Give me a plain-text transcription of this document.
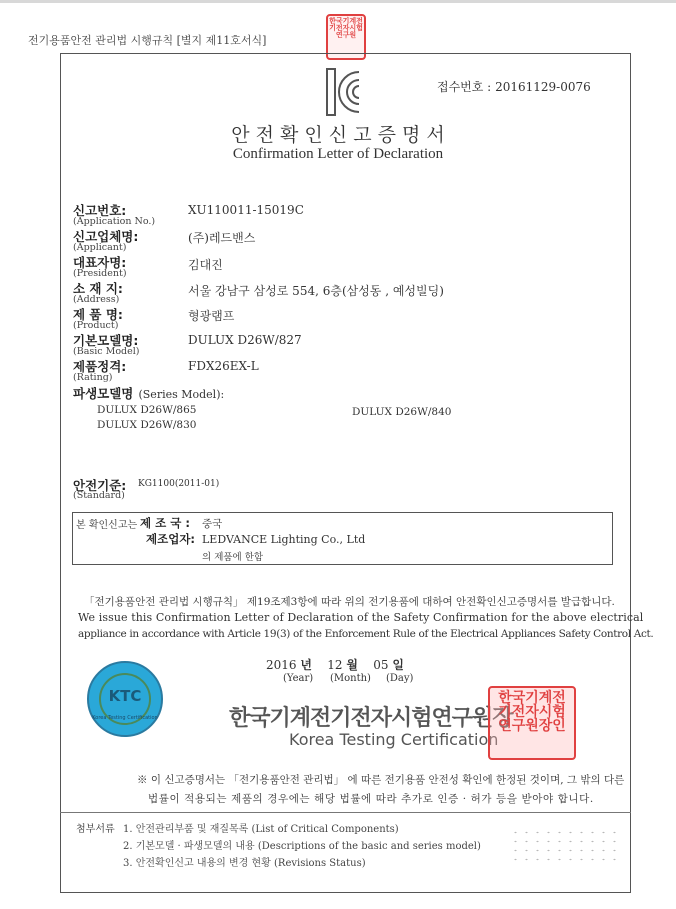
전기용품안전 관리법 시행규칙 [별지 제11호서식]
한국기계전기전자시험연구원
접수번호 : 20161129-0076
안 전 확 인 신 고 증 명 서
Confirmation Letter of Declaration
신고번호:
(Application No.)
XU110011-15019C
신고업체명:
(Applicant)
(주)레드밴스
대표자명:
(President)
김대진
소 재 지:
(Address)
서울 강남구 삼성로 554, 6층(삼성동 , 예성빌딩)
제 품 명:
(Product)
형광램프
기본모델명:
(Basic Model)
DULUX D26W/827
제품정격:
(Rating)
FDX26EX-L
파생모델명 (Series Model):
DULUX D26W/865
DULUX D26W/830
DULUX D26W/840
안전기준: KG1100(2011-01)
(Standard)
본 확인신고는 제 조 국 : 중국
제조업자: LEDVANCE Lighting Co., Ltd
의 제품에 한함
「전기용품안전 관리법 시행규칙」 제19조제3항에 따라 위의 전기용품에 대하여 안전확인신고증명서를 발급합니다.
We issue this Confirmation Letter of Declaration of the Safety Confirmation for the above electrical
appliance in accordance with Article 19(3) of the Enforcement Rule of the Electrical Appliances Safety Control Act.
2016 년 12 월 05 일
(Year) (Month) (Day)
KTC
Korea Testing Certification	한국기계전기전자시험연구원장
Korea Testing Certification
한국기계전기전자시험연구원장인
※ 이 신고증명서는 「전기용품안전 관리법」 에 따른 전기용품 안전성 확인에 한정된 것이며, 그 밖의 다른
법률이 적용되는 제품의 경우에는 해당 법률에 따라 추가로 인증 · 허가 등을 받아야 합니다.
첨부서류 1. 안전관리부품 및 재질목록 (List of Critical Components)
2. 기본모델 · 파생모델의 내용 (Descriptions of the basic and series model)
3. 안전확인신고 내용의 변경 현황 (Revisions Status)
